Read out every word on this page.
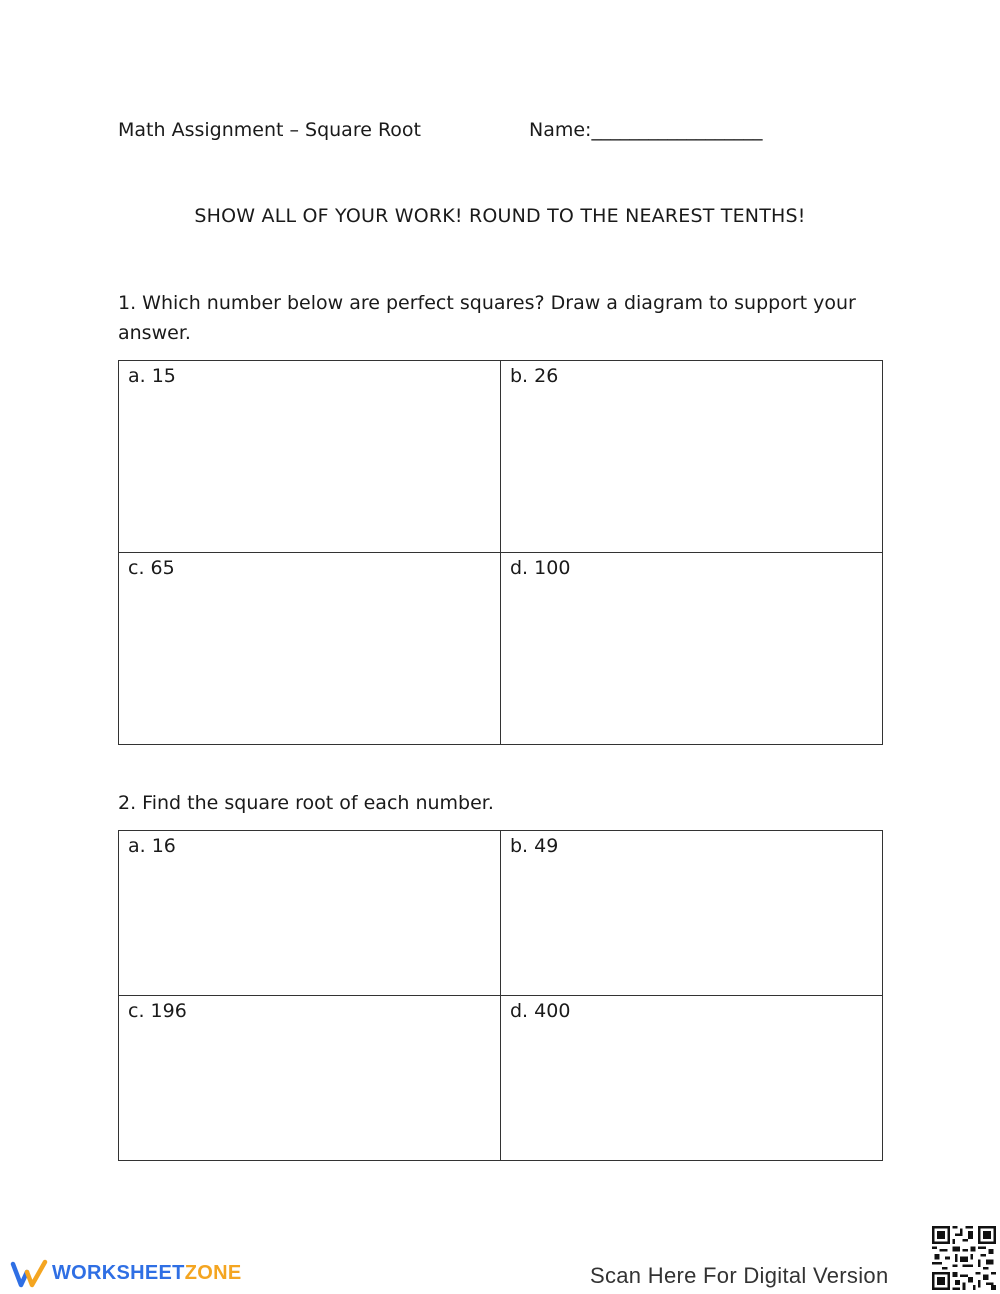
Math Assignment – Square Root	Name:__________________
SHOW ALL OF YOUR WORK! ROUND TO THE NEAREST TENTHS!
1. Which number below are perfect squares? Draw a diagram to support your answer.
a. 15	b. 26

c. 65	d. 100
2. Find the square root of each number.
a. 16	b. 49

c. 196	d. 400
WORKSHEETZONE	Scan Here For Digital Version
